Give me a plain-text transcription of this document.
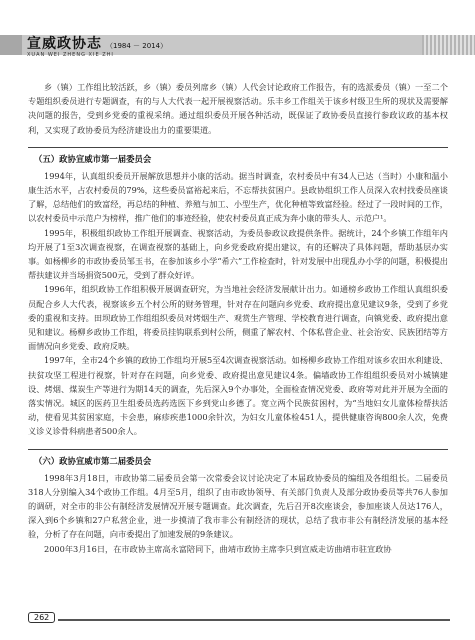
宣威政协志 （1984 － 2014）
XUAN WEI ZHENG XIE ZHI

乡（镇）工作组比较活跃，乡（镇）委员列席乡（镇）人代会讨论政府工作报告，有的选派委员（镇）一至二个专题组织委员进行专题调查，有的与人大代表一起开展视察活动。乐丰乡工作组关于该乡村级卫生所的现状及需要解决问题的报告，受到乡党委的重视采纳。通过组织委员开展各种活动，既保证了政协委员直接行参政议政的基本权利，又实现了政协委员为经济建设出力的重要渠道。

（五）政协宣威市第一届委员会

1994年，认真组织委员开展解放思想并小康的活动。据当时调查，农村委员中有34人已达（当时）小康和温小康生活水平，占农村委员的79%，这些委员富裕起来后，不忘帮扶贫困户。县政协组织工作人员深入农村找委员座谈了解，总结他们的致富经，再总结的种植、养殖与加工、小型生产，优化种植等致富经验。经过了一段时间的工作，以农村委员中示范户为榜样，推广他们的事迹经验，使农村委员真正成为奔小康的带头人、示范户¹。

1995年，积极组织政协工作组开展调查、视察活动，为委员参政议政提供条件。据统计，24个乡镇工作组年内均开展了1至3次调查视察，在调查视察的基础上，向乡党委政府提出建议，有的还解决了具体问题，帮助基层办实事。如杨柳乡的市政协委员邹玉书，在参加该乡小学“希六”工作检查时，针对发展中出现乱办小学的问题，积极提出帮扶建议并当场捐资500元，受到了群众好评。

1996年，组织政协工作组积极开展调查研究，为当地社会经济发展献计出力。如通榜乡政协工作组认真组织委员配合乡人大代表，视察该乡五个村公所的财务管理，针对存在问题向乡党委、政府提出意见建议9条，受到了乡党委的重视和支持。田坝政协工作组组织委员对烤烟生产、观赏生产管理、学校教育进行调查，向镇党委、政府提出意见和建议。杨柳乡政协工作组，将委员挂钩联系到村公所，侧重了解农村、个体私营企业、社会治安、民族团结等方面情况向乡党委、政府反映。

1997年，全市24个乡镇的政协工作组均开展5至4次调查视察活动。如杨柳乡政协工作组对该乡农田水利建设、扶贫攻坚工程进行视察，针对存在问题，向乡党委、政府提出意见建议4条。偏墙政协工作组组织委员对小城镇建设、烤烟、煤炭生产等进行为期14天的调查，先后深入9个办事处，全面检查情况党委、政府等对此并开展为全面的落实情况。城区的医药卫生组委员选药选医下乡到党山乡德了。宽立两个民族贫困村，为“当地妇女儿童体检帮扶活动，使看见其贫困家庭，卡会患，麻疹疾患1000余针次，为妇女儿童体检451人，提供健康咨询800余人次，免费义诊义诊骨科病患者500余人。

（六）政协宣威市第二届委员会

1998年3月18日，市政协第二届委员会第一次常委会议讨论决定了本届政协委员的编组及各组组长。二届委员318人分别编入34个政协工作组。4月至5月，组织了由市政协领导、有关部门负责人及部分政协委员等共76人参加的调研，对全市的非公有制经济发展情况开展专题调查。此次调查，先后召开8次座谈会，参加座谈人员达176人，深入到6个乡镇和27户私营企业，进一步摸清了我市非公有制经济的现状，总结了我市非公有制经济发展的基本经验，分析了存在问题，向市委提出了加速发展的9条建议。

2000年3月16日，在市政协主席高永富陪同下，曲靖市政协主席李只到宣威走访曲靖市驻宣政协

262
